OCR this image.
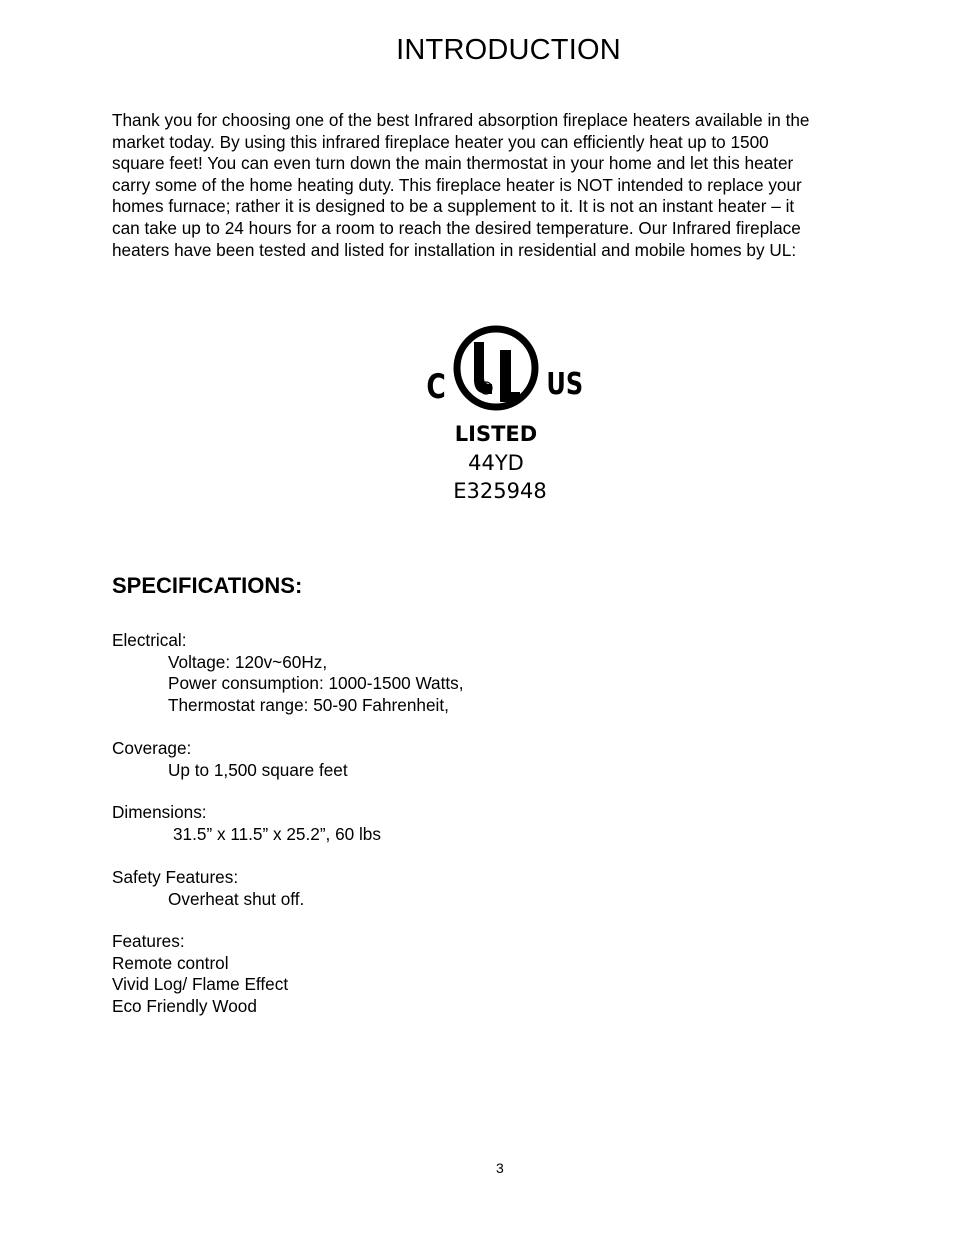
INTRODUCTION

Thank you for choosing one of the best Infrared absorption fireplace heaters available in the
market today. By using this infrared fireplace heater you can efficiently heat up to 1500
square feet! You can even turn down the main thermostat in your home and let this heater
carry some of the home heating duty. This fireplace heater is NOT intended to replace your
homes furnace; rather it is designed to be a supplement to it. It is not an instant heater – it
can take up to 24 hours for a room to reach the desired temperature. Our Infrared fireplace
heaters have been tested and listed for installation in residential and mobile homes by UL:

C	® US
LISTED
44YD
E325948
SPECIFICATIONS:
Electrical:
Voltage: 120v~60Hz,
Power consumption: 1000-1500 Watts,
Thermostat range: 50-90 Fahrenheit,
Coverage:
Up to 1,500 square feet
Dimensions:
31.5” x 11.5” x 25.2”, 60 lbs
Safety Features:
Overheat shut off.
Features:
Remote control
Vivid Log/ Flame Effect
Eco Friendly Wood
3
